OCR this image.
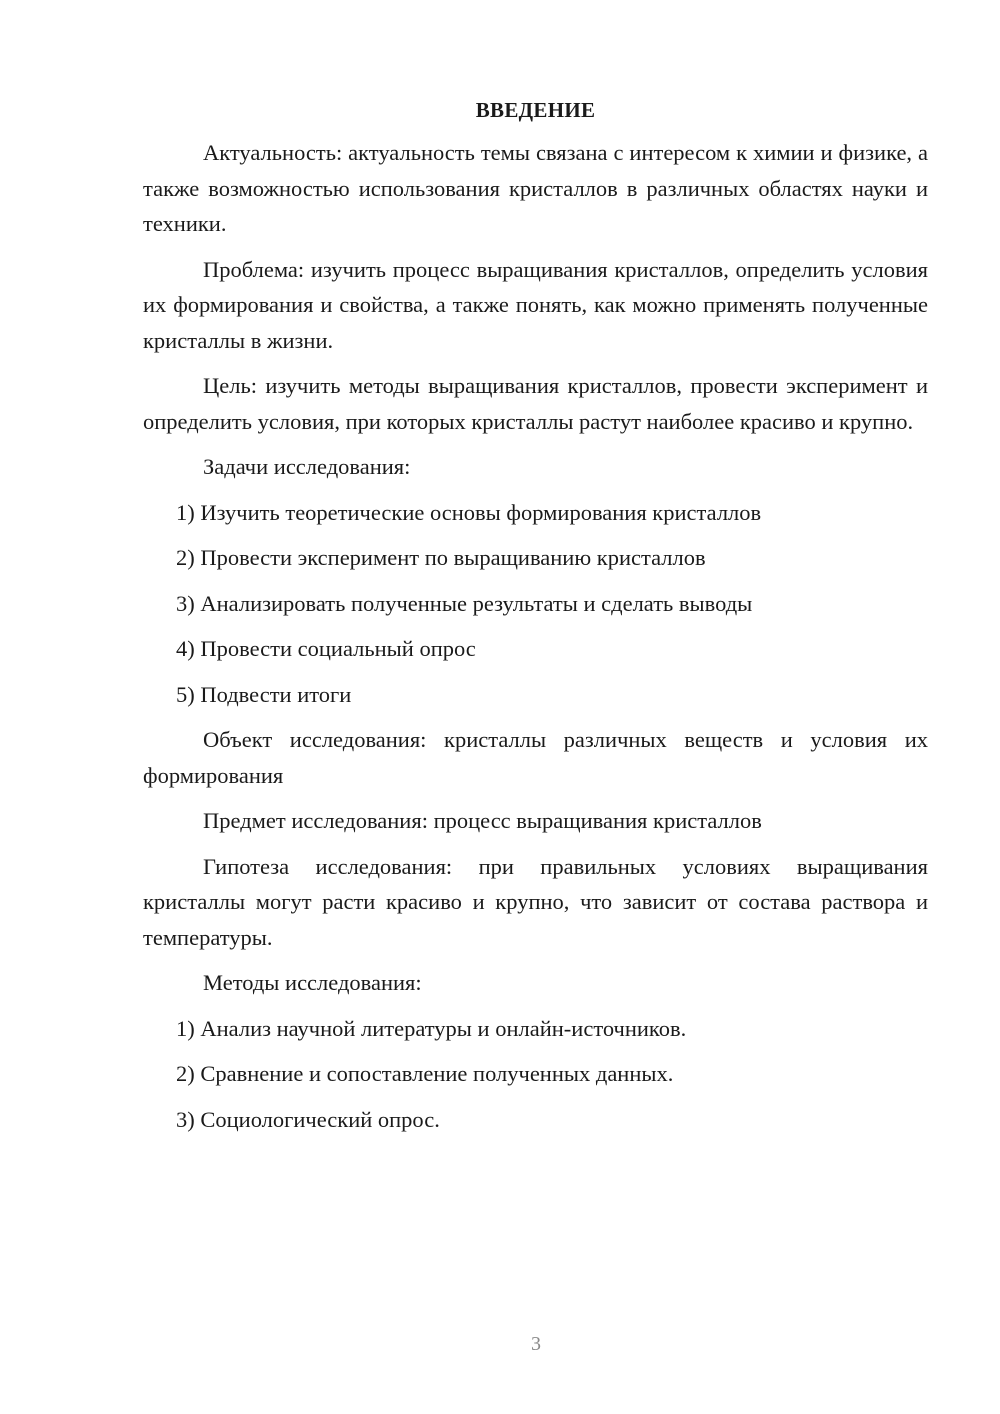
ВВЕДЕНИЕ

Актуальность: актуальность темы связана с интересом к химии и физике, а также возможностью использования кристаллов в различных областях науки и техники.

Проблема: изучить процесс выращивания кристаллов, определить условия их формирования и свойства, а также понять, как можно применять полученные кристаллы в жизни.

Цель: изучить методы выращивания кристаллов, провести эксперимент и определить условия, при которых кристаллы растут наиболее красиво и крупно.

Задачи исследования:

1) Изучить теоретические основы формирования кристаллов

2) Провести эксперимент по выращиванию кристаллов

3) Анализировать полученные результаты и сделать выводы

4) Провести социальный опрос

5) Подвести итоги

Объект исследования: кристаллы различных веществ и условия их формирования

Предмет исследования: процесс выращивания кристаллов

Гипотеза исследования: при правильных условиях выращивания кристаллы могут расти красиво и крупно, что зависит от состава раствора и температуры.

Методы исследования:

1) Анализ научной литературы и онлайн-источников.

2) Сравнение и сопоставление полученных данных.

3) Социологический опрос.

3
